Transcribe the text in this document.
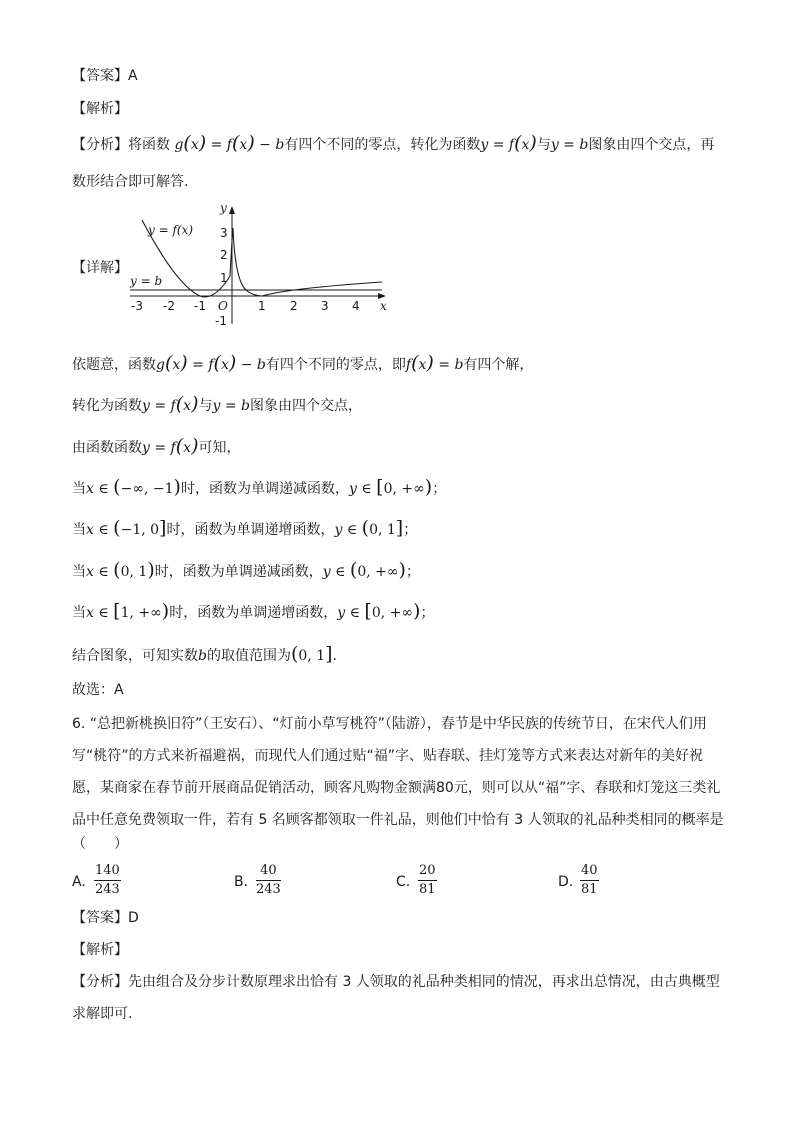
【答案】A
【解析】
【分析】将函数 g(x) = f(x) − b有四个不同的零点，转化为函数y = f(x)与y = b图象由四个交点，再
数形结合即可解答.
【详解】
y = f(x)
y = b
y
x
O
-3 -2 -1	1 2 3 4
3
2
1
-1
依题意，函数g(x) = f(x) − b有四个不同的零点，即f(x) = b有四个解，
转化为函数y = f(x)与y = b图象由四个交点，
由函数函数y = f(x)可知，
当x ∈ (−∞, −1)时，函数为单调递减函数，y ∈ [0, +∞)；
当x ∈ (−1, 0]时，函数为单调递增函数，y ∈ (0, 1]；
当x ∈ (0, 1)时，函数为单调递减函数，y ∈ (0, +∞)；
当x ∈ [1, +∞)时，函数为单调递增函数，y ∈ [0, +∞)；
结合图象，可知实数b的取值范围为(0, 1].
故选：A
6. “总把新桃换旧符”（王安石）、“灯前小草写桃符”（陆游），春节是中华民族的传统节日，在宋代人们用写“桃符”的方式来祈福避祸，而现代人们通过贴“福”字、贴春联、挂灯笼等方式来表达对新年的美好祝愿，某商家在春节前开展商品促销活动，顾客凡购物金额满80元，则可以从“福”字、春联和灯笼这三类礼品中任意免费领取一件，若有 5 名顾客都领取一件礼品，则他们中恰有 3 人领取的礼品种类相同的概率是
（　　）
A. $\frac{140}{243}$	B. $\frac{40}{243}$	C. $\frac{20}{81}$	D. $\frac{40}{81}$
【答案】D
【解析】
【分析】先由组合及分步计数原理求出恰有 3 人领取的礼品种类相同的情况，再求出总情况，由古典概型求解即可.
